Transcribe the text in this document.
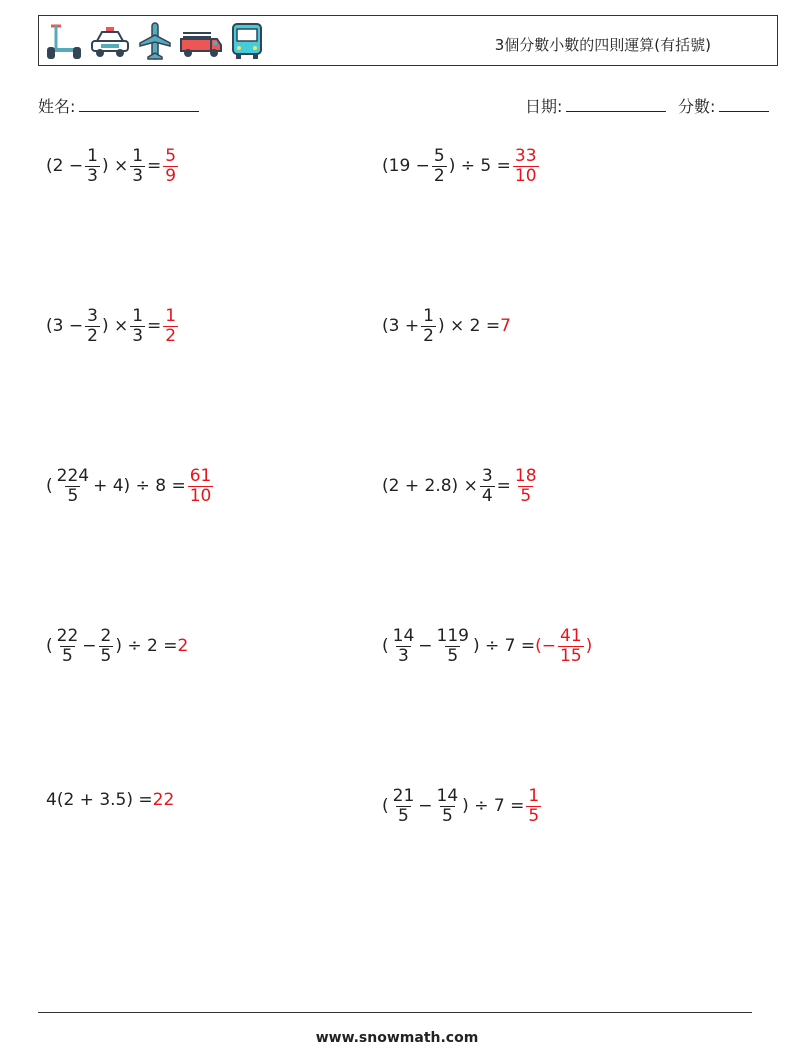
3個分數小數的四則運算(有括號)
姓名:	日期:	分數:
($2 - \frac{1}{3}$ ) × $\frac{1}{3} = \frac{5}{9}$	($19 - \frac{5}{2}$ ) ÷ $5 = \frac{33}{10}$
($3 - \frac{3}{2}$ ) × $\frac{1}{3} = \frac{1}{2}$	($3 + \frac{1}{2}$ ) × 2 = 7
( $\frac{224}{5} + 4) \div 8 = \frac{61}{10}$	$(2 + 2.8) \times \frac{3}{4} = \frac{18}{5}$
( $\frac{22}{5} - \frac{2}{5}$ ) ÷ 2 = 2	( $\frac{14}{3} - \frac{119}{5}$ ) ÷ 7 = (− $\frac{41}{15}$ )
4(2 + 3.5) = 22	( $\frac{21}{5} - \frac{14}{5}$ ) ÷ $7 = \frac{1}{5}$
www.snowmath.com
